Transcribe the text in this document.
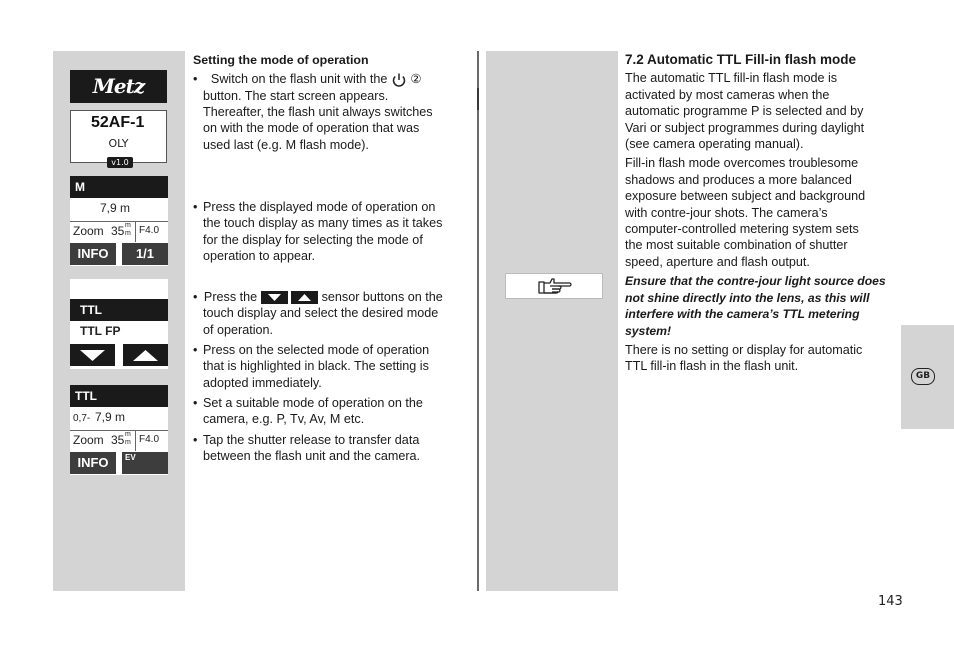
GB
143
Metz
52AF-1
OLY
v1.0
M
7,9 m
Zoom 35 m
m F4.0
INFO	1/1
TTL
TTL FP
TTL
0,7- 7,9 m
Zoom 35 m
m F4.0
INFO	EV
Setting the mode of operation
• Switch on the flash unit with the ②
button. The start screen appears.
Thereafter, the flash unit always switches
on with the mode of operation that was
used last (e.g. M flash mode).
• Press the displayed mode of operation on
the touch display as many times as it takes
for the display for selecting the mode of
operation to appear.
• Press the	sensor buttons on the
touch display and select the desired mode
of operation.
• Press on the selected mode of operation
that is highlighted in black. The setting is
adopted immediately.
• Set a suitable mode of operation on the
camera, e.g. P, Tv, Av, M etc.
• Tap the shutter release to transfer data
between the flash unit and the camera.
7.2 Automatic TTL Fill-in flash mode
The automatic TTL fill-in flash mode is
activated by most cameras when the
automatic programme P is selected and by
Vari or subject programmes during daylight
(see camera operating manual).
Fill-in flash mode overcomes troublesome
shadows and produces a more balanced
exposure between subject and background
with contre-jour shots. The camera’s
computer-controlled metering system sets
the most suitable combination of shutter
speed, aperture and flash output.
Ensure that the contre-jour light source does
not shine directly into the lens, as this will
interfere with the camera’s TTL metering
system!
There is no setting or display for automatic
TTL fill-in flash in the flash unit.
